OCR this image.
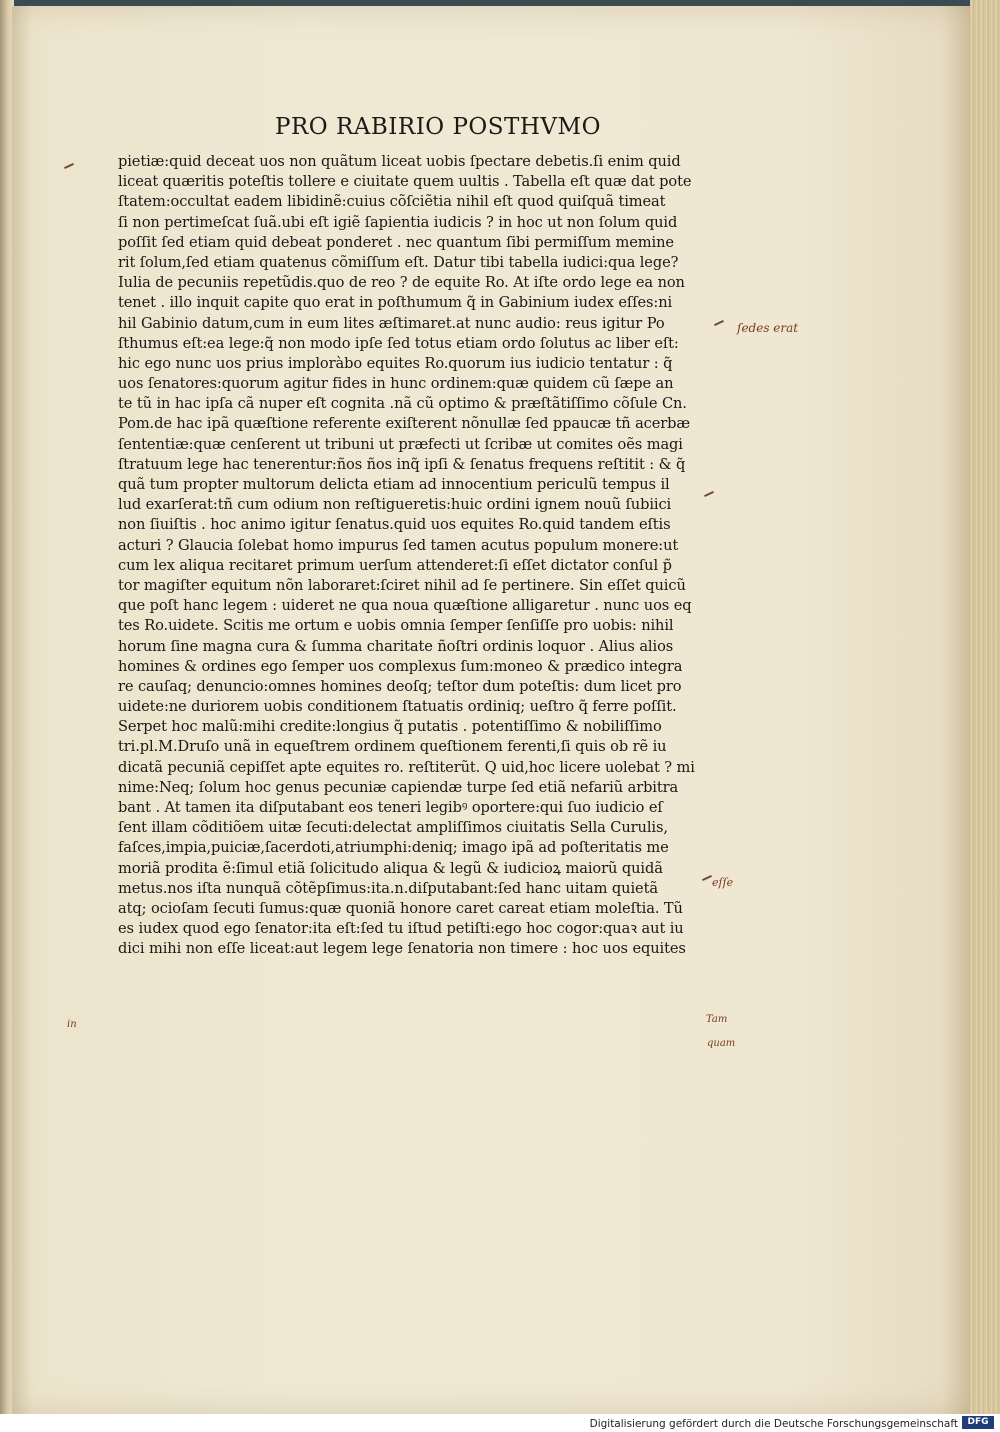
PRO RABIRIO POSTHVMO
pietiæ:quid deceat uos non quãtum liceat uobis ſpectare debetis.ſi enim quid
liceat quæritis poteſtis tollere e ciuitate quem uultis . Tabella eſt quæ dat pote
ſtatem:occultat eadem libidinẽ:cuius cõſciẽtia nihil eſt quod quiſquã timeat
ſi non pertimeſcat ſuã.ubi eſt igiẽ ſapientia iudicis ? in hoc ut non ſolum quid
poſſit ſed etiam quid debeat ponderet . nec quantum ſibi permiſſum memine
rit ſolum,ſed etiam quatenus cõmiſſum eſt. Datur tibi tabella iudici:qua lege?
Iulia de pecuniis repetũdis.quo de reo ? de equite Ro. At iſte ordo lege ea non
tenet . illo inquit capite quo erat in poſthumum q̃ in Gabinium iudex eſſes:ni
hil Gabinio datum,cum in eum lites æſtimaret.at nunc audio: reus igitur Po
ſthumus eſt:ea lege:q̃ non modo ipſe ſed totus etiam ordo ſolutus ac liber eſt:
hic ego nunc uos prius imploràbo equites Ro.quorum ius iudicio tentatur : q̃
uos ſenatores:quorum agitur fides in hunc ordinem:quæ quidem cũ ſæpe an
te tũ in hac ipſa cã nuper eſt cognita .nã cũ optimo & præſtãtiſſimo cõſule Cn.
Pom.de hac ipã quæſtione referente exiſterent nõnullæ ſed ppaucæ tñ acerbæ
ſententiæ:quæ cenſerent ut tribuni ut præfecti ut ſcribæ ut comites oẽs magi
ſtratuum lege hac tenerentur:ños ños inq̃ ipſi & ſenatus frequens reſtitit : & q̃
quã tum propter multorum delicta etiam ad innocentium periculũ tempus il
lud exarſerat:tñ cum odium non reſtigueretis:huic ordini ignem nouũ ſubiici
non ſiuiſtis . hoc animo igitur ſenatus.quid uos equites Ro.quid tandem eſtis
acturi ? Glaucia ſolebat homo impurus ſed tamen acutus populum monere:ut
cum lex aliqua recitaret primum uerſum attenderet:ſi eſſet dictator conſul p̃
tor magiſter equitum nõn laboraret:ſciret nihil ad ſe pertinere. Sin eſſet quicũ
que poſt hanc legem : uideret ne qua noua quæſtione alligaretur . nunc uos eq
tes Ro.uidete. Scitis me ortum e uobis omnia ſemper ſenſiſſe pro uobis: nihil
horum ſine magna cura & ſumma charitate ñoſtri ordinis loquor . Alius alios
homines & ordines ego ſemper uos complexus ſum:moneo & prædico integra
re cauſaq; denuncio:omnes homines deoſq; teſtor dum poteſtis: dum licet pro
uidete:ne duriorem uobis conditionem ſtatuatis ordiniq; ueſtro q̃ ferre poſſit.
Serpet hoc malũ:mihi credite:longius q̃ putatis . potentiſſimo & nobiliſſimo
tri.pl.M.Druſo unã in equeſtrem ordinem queſtionem ferenti,ſi quis ob rẽ iu
dicatã pecuniã cepiſſet apte equites ro. reſtiterũt. Q uid,hoc licere uolebat ? mi
nime:Neq; ſolum hoc genus pecuniæ capiendæ turpe ſed etiã nefariũ arbitra
bant . At tamen ita diſputabant eos teneri legibꝰ oportere:qui ſuo iudicio eſ
ſent illam cõditiõem uitæ ſecuti:delectat ampliſſimos ciuitatis Sella Curulis,
faſces,impia,puiciæ,ſacerdoti,atriumphi:deniq; imago ipã ad poſteritatis me
moriã prodita ẽ:ſimul etiã ſolicitudo aliqua & legũ & iudicioꝝ maiorũ quidã
metus.nos iſta nunquã cõtẽpſimus:ita.n.diſputabant:ſed hanc uitam quietã
atq; ocioſam ſecuti ſumus:quæ quoniã honore caret careat etiam moleſtia. Tũ
es iudex quod ego ſenator:ita eſt:ſed tu iſtud petiſti:ego hoc cogor:quaꝛ aut iu
dici mihi non eſſe liceat:aut legem lege ſenatoria non timere : hoc uos equites
ſedes erat
eſſe
Tam
quam
in
Digitalisierung gefördert durch die Deutsche Forschungsgemeinschaft	DFG
